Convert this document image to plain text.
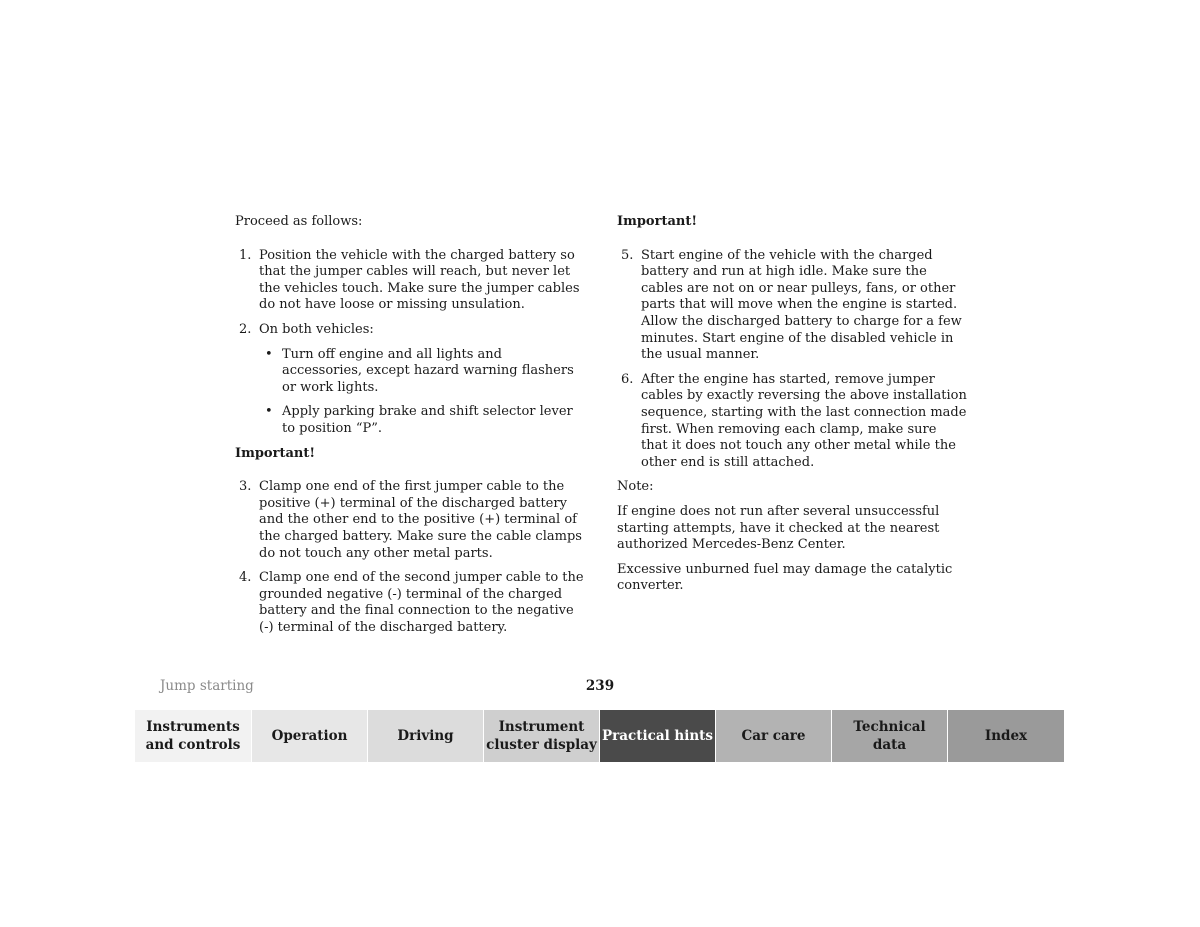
Proceed as follows:

1. Position the vehicle with the charged battery so that the jumper cables will reach, but never let the vehicles touch. Make sure the jumper cables do not have loose or missing unsulation.
2. On both vehicles:
• Turn off engine and all lights and accessories, except hazard warning flashers or work lights.
• Apply parking brake and shift selector lever to position “P”.

Important!

3. Clamp one end of the first jumper cable to the positive (+) terminal of the discharged battery and the other end to the positive (+) terminal of the charged battery. Make sure the cable clamps do not touch any other metal parts.
4. Clamp one end of the second jumper cable to the grounded negative (-) terminal of the charged battery and the final connection to the negative (-) terminal of the discharged battery.

Important!

5. Start engine of the vehicle with the charged battery and run at high idle. Make sure the cables are not on or near pulleys, fans, or other parts that will move when the engine is started. Allow the discharged battery to charge for a few minutes. Start engine of the disabled vehicle in the usual manner.
6. After the engine has started, remove jumper cables by exactly reversing the above installation sequence, starting with the last connection made first. When removing each clamp, make sure that it does not touch any other metal while the other end is still attached.

Note:

If engine does not run after several unsuccessful starting attempts, have it checked at the nearest authorized Mercedes-Benz Center.

Excessive unburned fuel may damage the catalytic converter.

Jump starting	239
Instruments
and controls
Operation	Driving
Instrument
cluster display
Practical hints	Car care
Technical
data
Index
